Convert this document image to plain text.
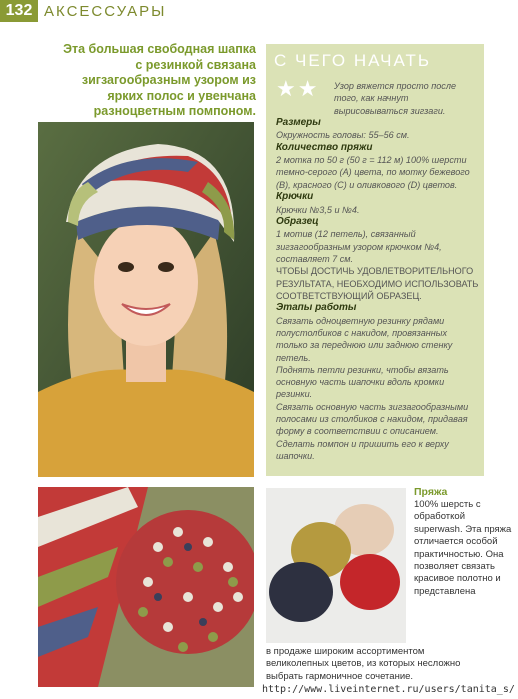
132 АКСЕССУАРЫ
Эта большая свободная шапка с резинкой связана зигзагообразным узором из ярких полос и увенчана разноцветным помпоном.
С ЧЕГО НАЧАТЬ
★★ Узор вяжется просто после того, как начнут вырисовываться зигзаги.
Размеры
Окружность головы: 55–56 см.
Количество пряжи
2 мотка по 50 г (50 г = 112 м) 100% шерсти темно-серого (A) цвета, по мотку бежевого (B), красного (C) и оливкового (D) цветов.
Крючки
Крючки №3,5 и №4.
Образец
1 мотив (12 петель), связанный зигзагообразным узором крючком №4, составляет 7 см.
ЧТОБЫ ДОСТИЧЬ УДОВЛЕТВОРИТЕЛЬНОГО РЕЗУЛЬТАТА, НЕОБХОДИМО ИСПОЛЬЗОВАТЬ СООТВЕТСТВУЮЩИЙ ОБРАЗЕЦ.
Этапы работы
Связать одноцветную резинку рядами полустолбиков с накидом, провязанных только за переднюю или заднюю стенку петель.
Поднять петли резинки, чтобы вязать основную часть шапочки вдоль кромки резинки.
Связать основную часть зигзагообразными полосами из столбиков с накидом, придавая форму в соответствии с описанием.
Сделать помпон и пришить его к верху шапочки.
Пряжа
100% шерсть с обработкой superwash. Эта пряжа отличается особой практичностью. Она позволяет связать красивое полотно и представлена
в продаже широким ассортиментом великолепных цветов, из которых несложно выбрать гармоничное сочетание.
http://www.liveinternet.ru/users/tanita_s/
